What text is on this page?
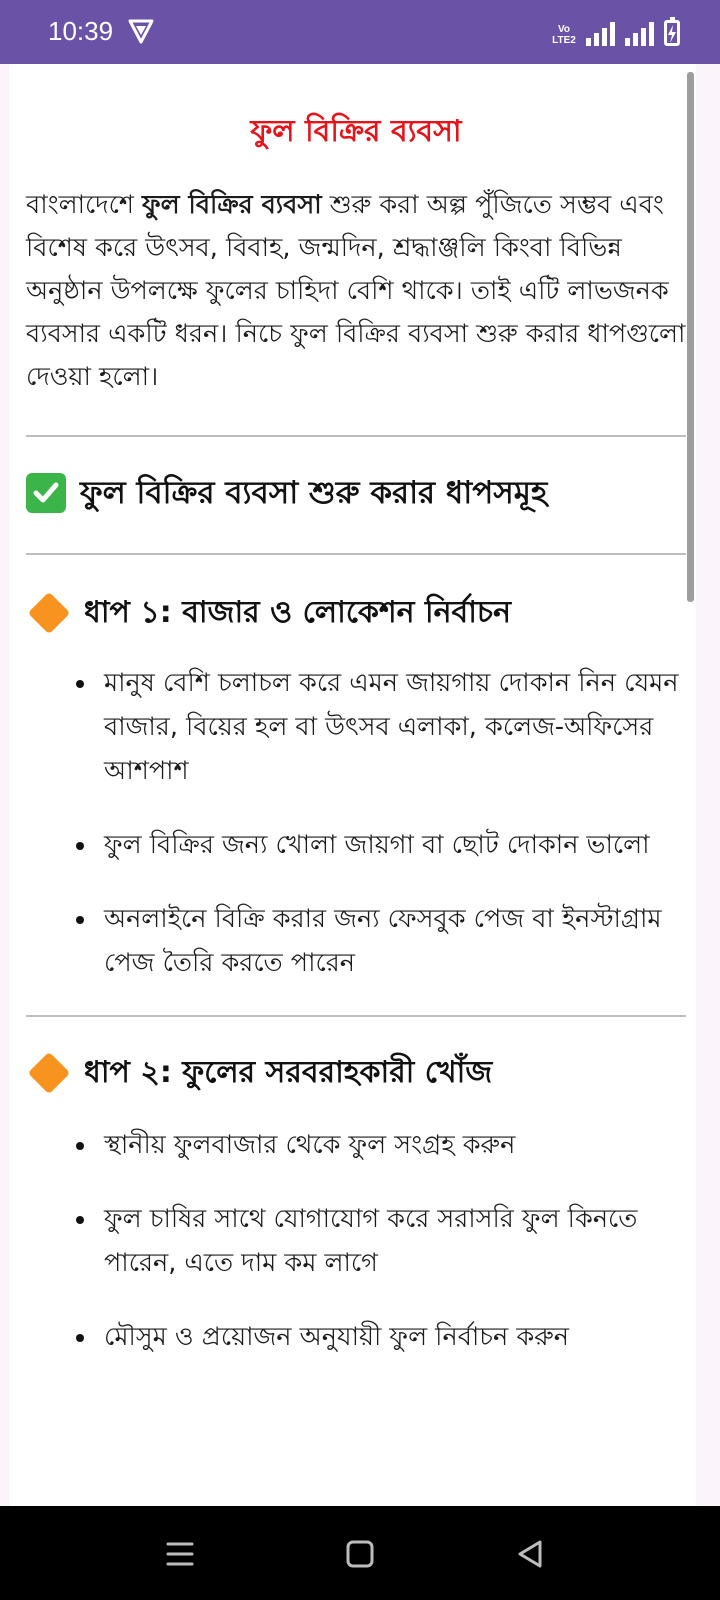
10:39	Vo
LTE2
ফুল বিক্রির ব্যবসা

বাংলাদেশে ফুল বিক্রির ব্যবসা শুরু করা অল্প পুঁজিতে সম্ভব এবং বিশেষ করে উৎসব, বিবাহ, জন্মদিন, শ্রদ্ধাঞ্জলি কিংবা বিভিন্ন অনুষ্ঠান উপলক্ষে ফুলের চাহিদা বেশি থাকে। তাই এটি লাভজনক ব্যবসার একটি ধরন। নিচে ফুল বিক্রির ব্যবসা শুরু করার ধাপগুলো দেওয়া হলো।

ফুল বিক্রির ব্যবসা শুরু করার ধাপসমূহ
ধাপ ১: বাজার ও লোকেশন নির্বাচন
মানুষ বেশি চলাচল করে এমন জায়গায় দোকান নিন যেমন বাজার, বিয়ের হল বা উৎসব এলাকা, কলেজ-অফিসের আশপাশ
ফুল বিক্রির জন্য খোলা জায়গা বা ছোট দোকান ভালো
অনলাইনে বিক্রি করার জন্য ফেসবুক পেজ বা ইনস্টাগ্রাম পেজ তৈরি করতে পারেন
ধাপ ২: ফুলের সরবরাহকারী খোঁজ
স্থানীয় ফুলবাজার থেকে ফুল সংগ্রহ করুন
ফুল চাষির সাথে যোগাযোগ করে সরাসরি ফুল কিনতে পারেন, এতে দাম কম লাগে
মৌসুম ও প্রয়োজন অনুযায়ী ফুল নির্বাচন করুন
